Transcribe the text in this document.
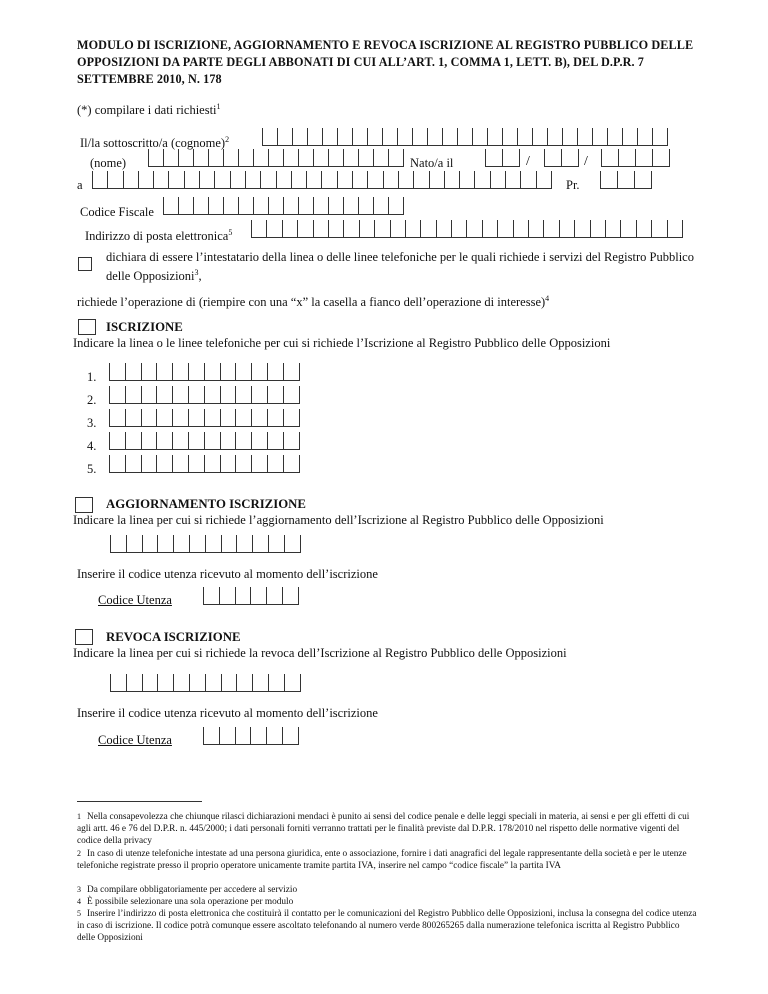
MODULO DI ISCRIZIONE, AGGIORNAMENTO E REVOCA ISCRIZIONE AL REGISTRO PUBBLICO DELLE OPPOSIZIONI DA PARTE DEGLI ABBONATI DI CUI ALL’ART. 1, COMMA 1, LETT. B), DEL D.P.R. 7 SETTEMBRE 2010, N. 178
(*) compilare i dati richiesti$^1$
Il/la sottoscritto/a (cognome)$^2$
(nome)	Nato/a il	/	/
a	Pr.
Codice Fiscale
Indirizzo di posta elettronica$^5$
dichiara di essere l’intestatario della linea o delle linee telefoniche per le quali richiede i servizi del Registro Pubblico delle Opposizioni$^3$,
richiede l’operazione di (riempire con una “x” la casella a fianco dell’operazione di interesse)$^4$
ISCRIZIONE
Indicare la linea o le linee telefoniche per cui si richiede l’Iscrizione al Registro Pubblico delle Opposizioni
1.
2.
3.
4.
5.
AGGIORNAMENTO ISCRIZIONE
Indicare la linea per cui si richiede l’aggiornamento dell’Iscrizione al Registro Pubblico delle Opposizioni
Inserire il codice utenza ricevuto al momento dell’iscrizione
Codice Utenza
REVOCA ISCRIZIONE
Indicare la linea per cui si richiede la revoca dell’Iscrizione al Registro Pubblico delle Opposizioni
Inserire il codice utenza ricevuto al momento dell’iscrizione
Codice Utenza
1 Nella consapevolezza che chiunque rilasci dichiarazioni mendaci è punito ai sensi del codice penale e delle leggi speciali in materia, ai sensi e per gli effetti di cui agli artt. 46 e 76 del D.P.R. n. 445/2000; i dati personali forniti verranno trattati per le finalità previste dal D.P.R. 178/2010 nel rispetto delle normative vigenti del codice della privacy
2 In caso di utenze telefoniche intestate ad una persona giuridica, ente o associazione, fornire i dati anagrafici del legale rappresentante della società e per le utenze telefoniche registrate presso il proprio operatore unicamente tramite partita IVA, inserire nel campo “codice fiscale” la partita IVA
3 Da compilare obbligatoriamente per accedere al servizio
4 È possibile selezionare una sola operazione per modulo
5 Inserire l’indirizzo di posta elettronica che costituirà il contatto per le comunicazioni del Registro Pubblico delle Opposizioni, inclusa la consegna del codice utenza in caso di iscrizione. Il codice potrà comunque essere ascoltato telefonando al numero verde 800265265 dalla numerazione telefonica iscritta al Registro Pubblico delle Opposizioni
